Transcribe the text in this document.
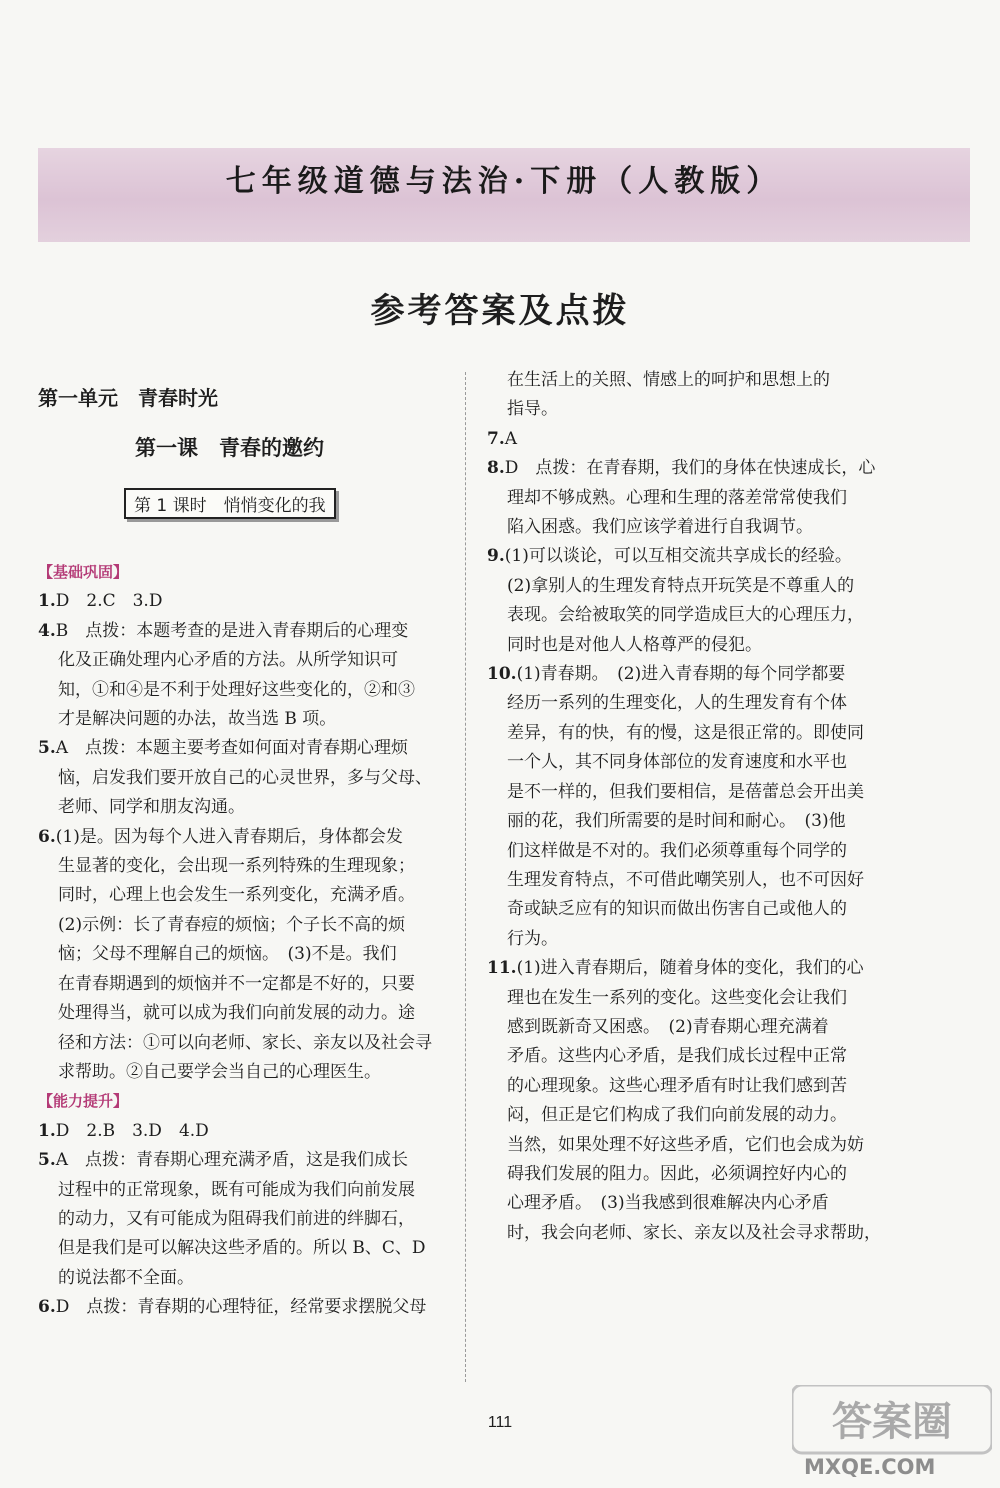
七年级道德与法治·下册（人教版）
参考答案及点拨
第一单元　青春时光
第一课　青春的邀约
第 1 课时　悄悄变化的我

【基础巩固】

1.D　2.C　3.D

4.B　点拨：本题考查的是进入青春期后的心理变

化及正确处理内心矛盾的方法。从所学知识可

知，①和④是不利于处理好这些变化的，②和③

才是解决问题的办法，故当选 B 项。

5.A　点拨：本题主要考查如何面对青春期心理烦

恼，启发我们要开放自己的心灵世界，多与父母、

老师、同学和朋友沟通。

6.(1)是。因为每个人进入青春期后，身体都会发

生显著的变化，会出现一系列特殊的生理现象；

同时，心理上也会发生一系列变化，充满矛盾。

(2)示例：长了青春痘的烦恼；个子长不高的烦

恼；父母不理解自己的烦恼。　(3)不是。我们

在青春期遇到的烦恼并不一定都是不好的，只要

处理得当，就可以成为我们向前发展的动力。途

径和方法：①可以向老师、家长、亲友以及社会寻

求帮助。②自己要学会当自己的心理医生。

【能力提升】

1.D　2.B　3.D　4.D

5.A　点拨：青春期心理充满矛盾，这是我们成长

过程中的正常现象，既有可能成为我们向前发展

的动力，又有可能成为阻碍我们前进的绊脚石，

但是我们是可以解决这些矛盾的。所以 B、C、D

的说法都不全面。

6.D　点拨：青春期的心理特征，经常要求摆脱父母

在生活上的关照、情感上的呵护和思想上的

指导。

7.A

8.D　点拨：在青春期，我们的身体在快速成长，心

理却不够成熟。心理和生理的落差常常使我们

陷入困惑。我们应该学着进行自我调节。

9.(1)可以谈论，可以互相交流共享成长的经验。

(2)拿别人的生理发育特点开玩笑是不尊重人的

表现。会给被取笑的同学造成巨大的心理压力，

同时也是对他人人格尊严的侵犯。

10.(1)青春期。　(2)进入青春期的每个同学都要

经历一系列的生理变化，人的生理发育有个体

差异，有的快，有的慢，这是很正常的。即使同

一个人，其不同身体部位的发育速度和水平也

是不一样的，但我们要相信，是蓓蕾总会开出美

丽的花，我们所需要的是时间和耐心。　(3)他

们这样做是不对的。我们必须尊重每个同学的

生理发育特点，不可借此嘲笑别人，也不可因好

奇或缺乏应有的知识而做出伤害自己或他人的

行为。

11.(1)进入青春期后，随着身体的变化，我们的心

理也在发生一系列的变化。这些变化会让我们

感到既新奇又困惑。　(2)青春期心理充满着

矛盾。这些内心矛盾，是我们成长过程中正常

的心理现象。这些心理矛盾有时让我们感到苦

闷，但正是它们构成了我们向前发展的动力。

当然，如果处理不好这些矛盾，它们也会成为妨

碍我们发展的阻力。因此，必须调控好内心的

心理矛盾。　(3)当我感到很难解决内心矛盾

时，我会向老师、家长、亲友以及社会寻求帮助，

111	答案圈
MXQE.COM
